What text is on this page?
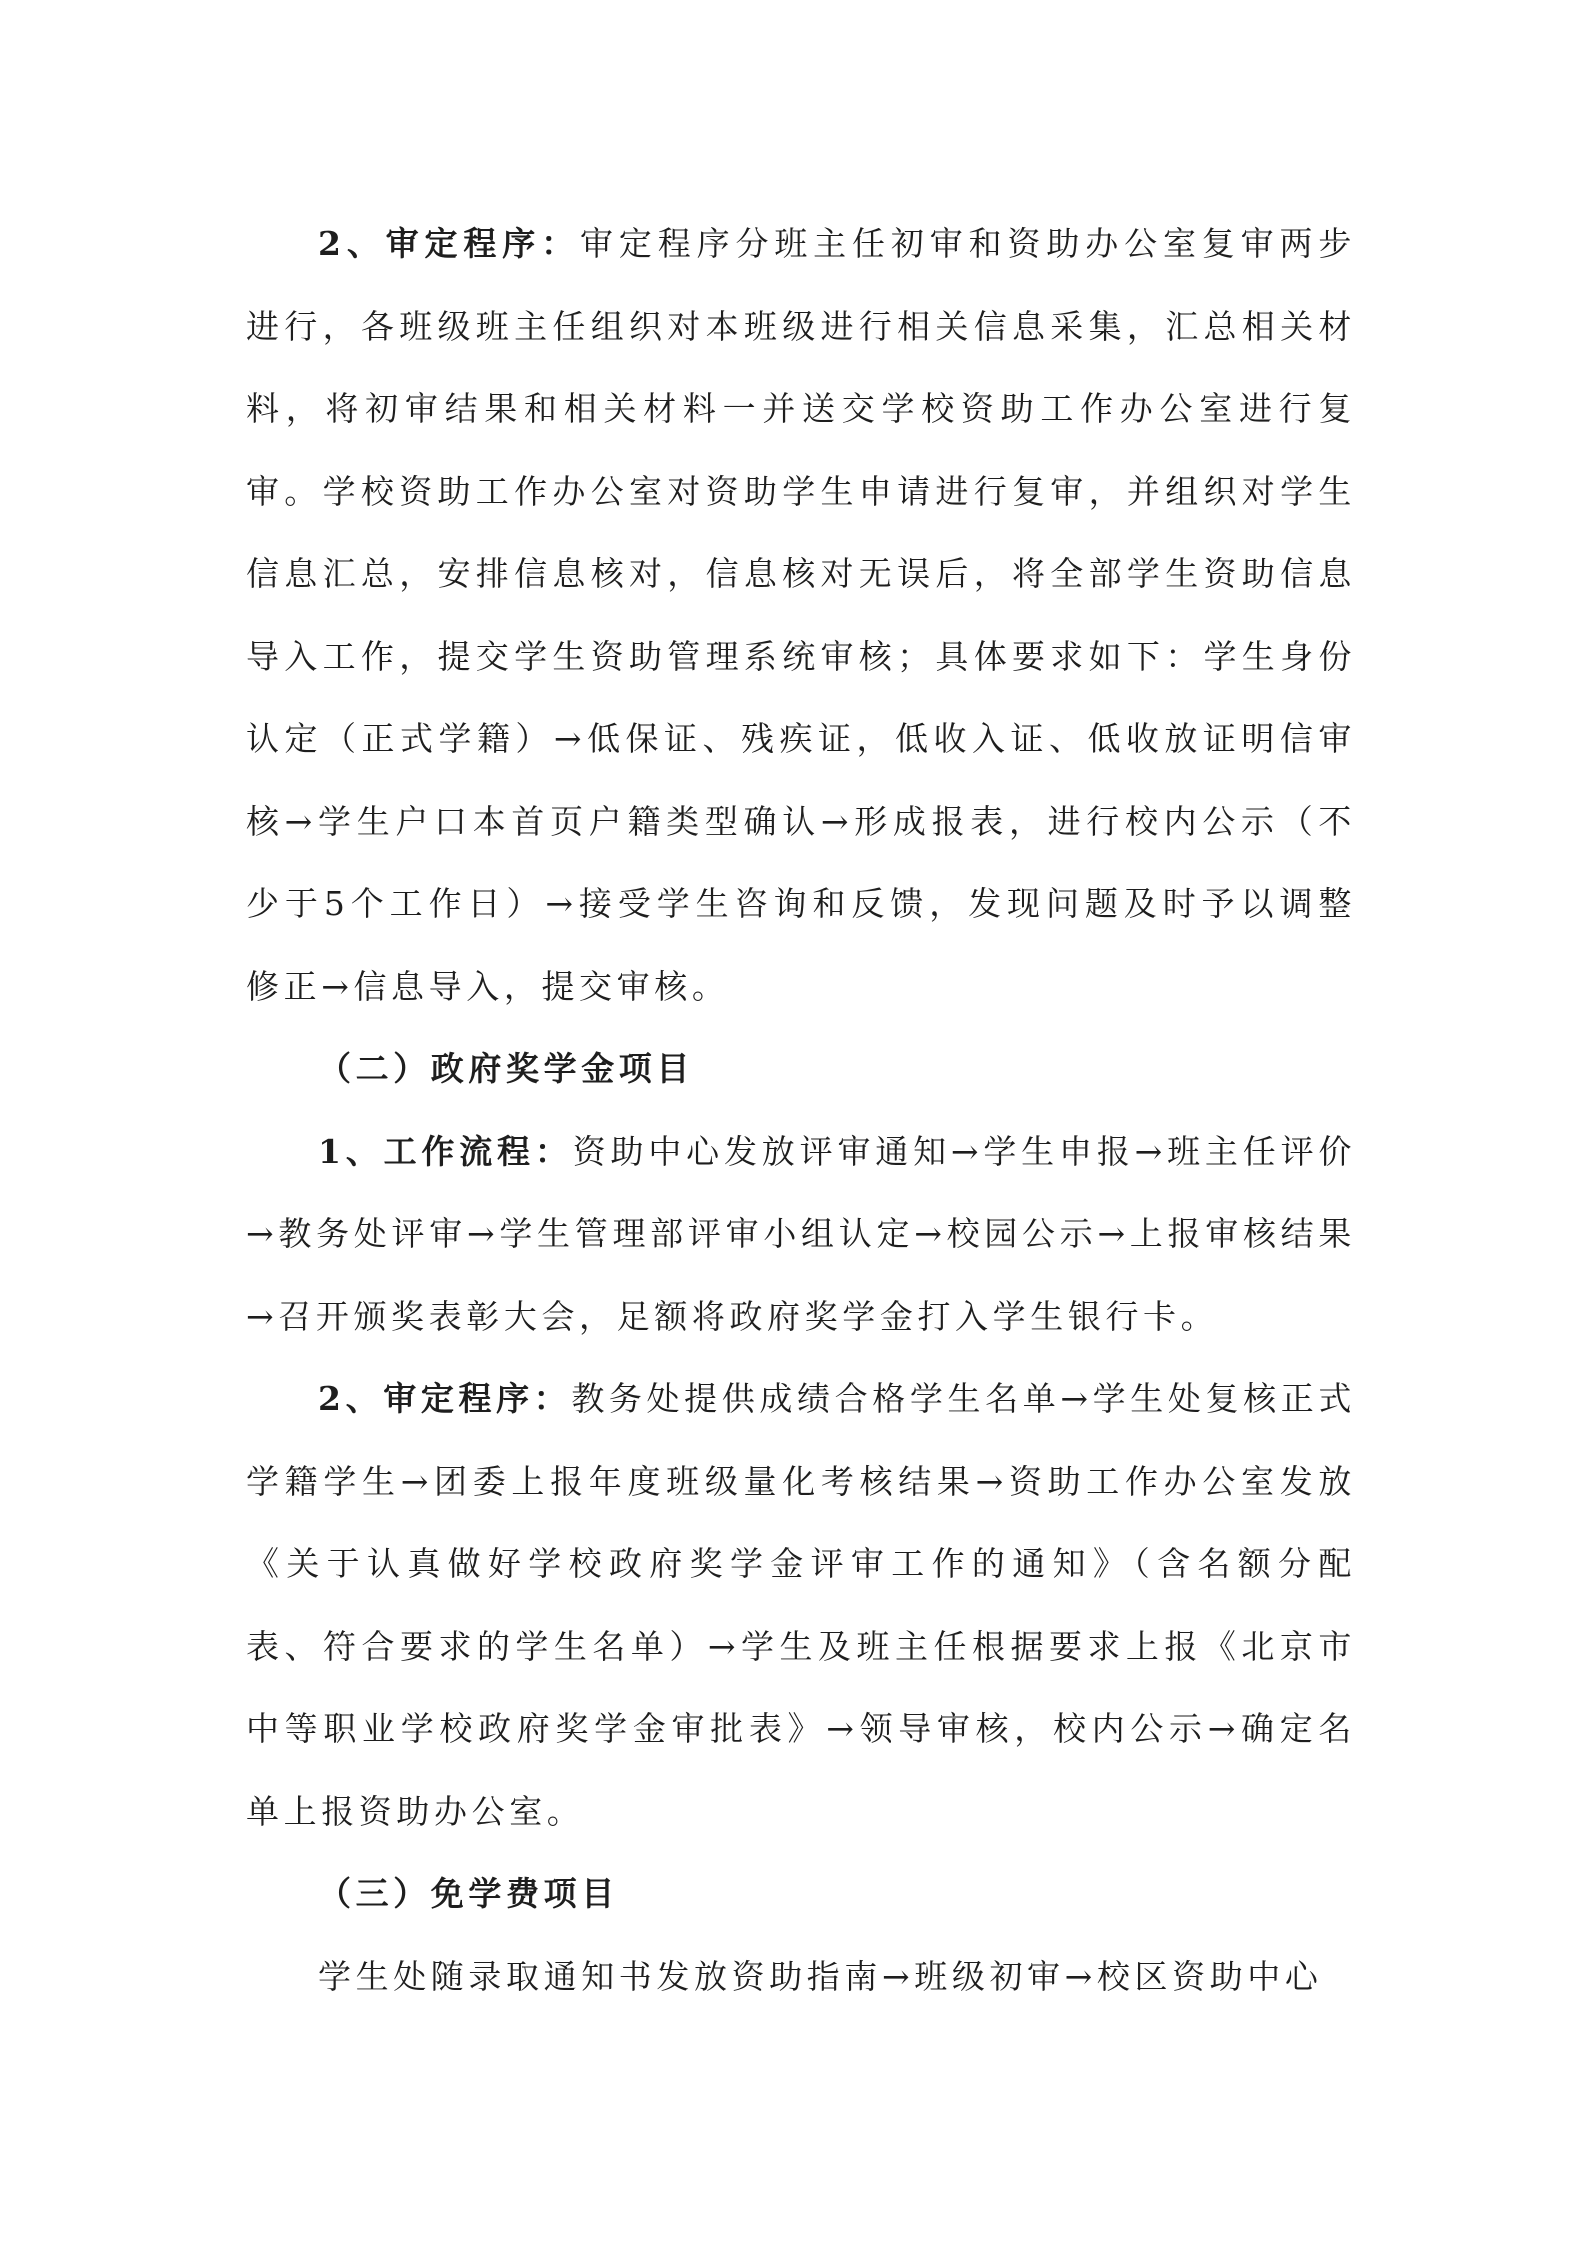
2、审定程序：审定程序分班主任初审和资助办公室复审两步进行，各班级班主任组织对本班级进行相关信息采集，汇总相关材料，将初审结果和相关材料一并送交学校资助工作办公室进行复审。学校资助工作办公室对资助学生申请进行复审，并组织对学生信息汇总，安排信息核对，信息核对无误后，将全部学生资助信息导入工作，提交学生资助管理系统审核；具体要求如下：学生身份认定（正式学籍）→低保证、残疾证，低收入证、低收放证明信审核→学生户口本首页户籍类型确认→形成报表，进行校内公示（不少于5个工作日）→接受学生咨询和反馈，发现问题及时予以调整修正→信息导入，提交审核。

（二）政府奖学金项目

1、工作流程：资助中心发放评审通知→学生申报→班主任评价→教务处评审→学生管理部评审小组认定→校园公示→上报审核结果→召开颁奖表彰大会，足额将政府奖学金打入学生银行卡。

2、审定程序：教务处提供成绩合格学生名单→学生处复核正式学籍学生→团委上报年度班级量化考核结果→资助工作办公室发放《关于认真做好学校政府奖学金评审工作的通知》（含名额分配表、符合要求的学生名单）→学生及班主任根据要求上报《北京市中等职业学校政府奖学金审批表》→领导审核，校内公示→确定名单上报资助办公室。

（三）免学费项目

学生处随录取通知书发放资助指南→班级初审→校区资助中心
